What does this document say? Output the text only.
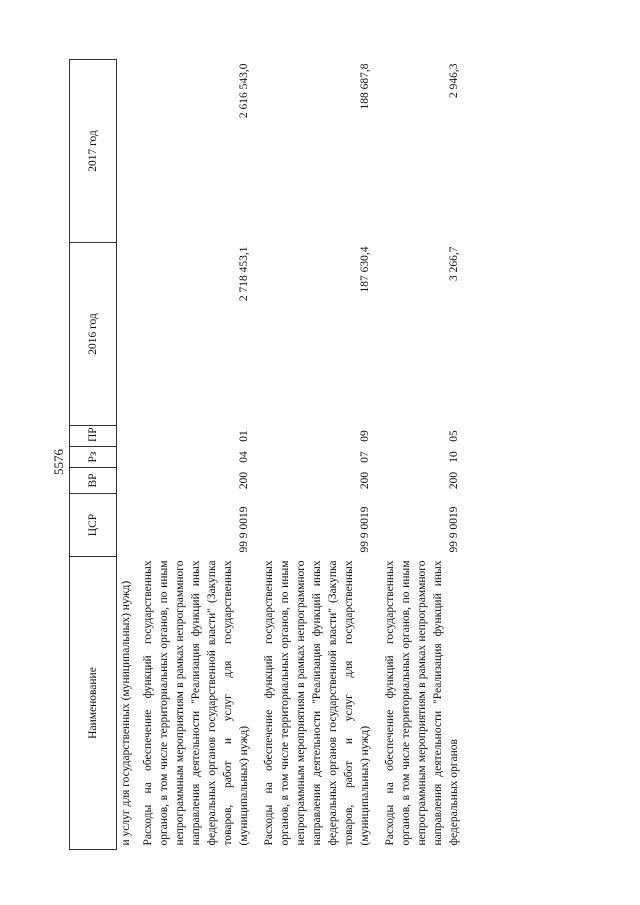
5576
Наименование	ЦСР	ВР	Рз	ПР	2016 год	2017 год
и услуг для государственных (муниципальных) нужд)						
Расходы на обеспечение функций государственных органов, в том числе территориальных органов, по иным непрограммным мероприятиям в рамках непрограммного направления деятельности "Реализация функций иных федеральных органов государственной власти" (Закупка товаров, работ и услуг для государственных (муниципальных) нужд)	99 9 0019	200	04	01	2 718 453,1	2 616 543,0
Расходы на обеспечение функций государственных органов, в том числе территориальных органов, по иным непрограммным мероприятиям в рамках непрограммного направления деятельности "Реализация функций иных федеральных органов государственной власти" (Закупка товаров, работ и услуг для государственных (муниципальных) нужд)	99 9 0019	200	07	09	187 630,4	188 687,8
Расходы на обеспечение функций государственных органов, в том числе территориальных органов, по иным непрограммным мероприятиям в рамках непрограммного направления деятельности "Реализация функций иных федеральных органов	99 9 0019	200	10	05	3 266,7	2 946,3
